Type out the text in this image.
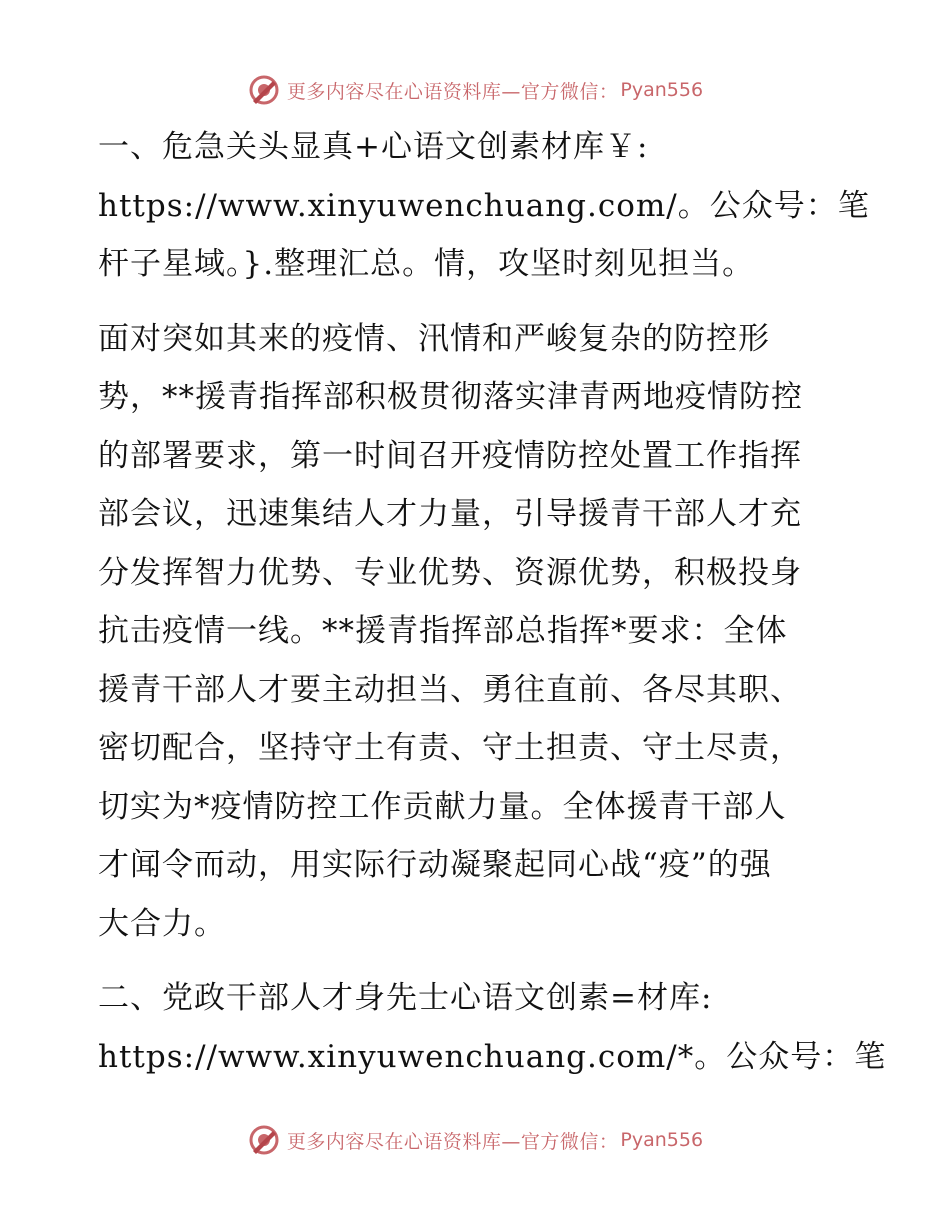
更多内容尽在心语资料库—官方微信： Pyan556

一、危急关头显真+心语文创素材库￥:
https://www.xinyuwenchuang.com/。公众号：笔
杆子星域。}.整理汇总。情，攻坚时刻见担当。

面对突如其来的疫情、汛情和严峻复杂的防控形
势，**援青指挥部积极贯彻落实津青两地疫情防控
的部署要求，第一时间召开疫情防控处置工作指挥
部会议，迅速集结人才力量，引导援青干部人才充
分发挥智力优势、专业优势、资源优势，积极投身
抗击疫情一线。**援青指挥部总指挥*要求：全体
援青干部人才要主动担当、勇往直前、各尽其职、
密切配合，坚持守土有责、守土担责、守土尽责，
切实为*疫情防控工作贡献力量。全体援青干部人
才闻令而动，用实际行动凝聚起同心战“疫”的强
大合力。

二、党政干部人才身先士心语文创素=材库:
https://www.xinyuwenchuang.com/*。公众号：笔

更多内容尽在心语资料库—官方微信： Pyan556
